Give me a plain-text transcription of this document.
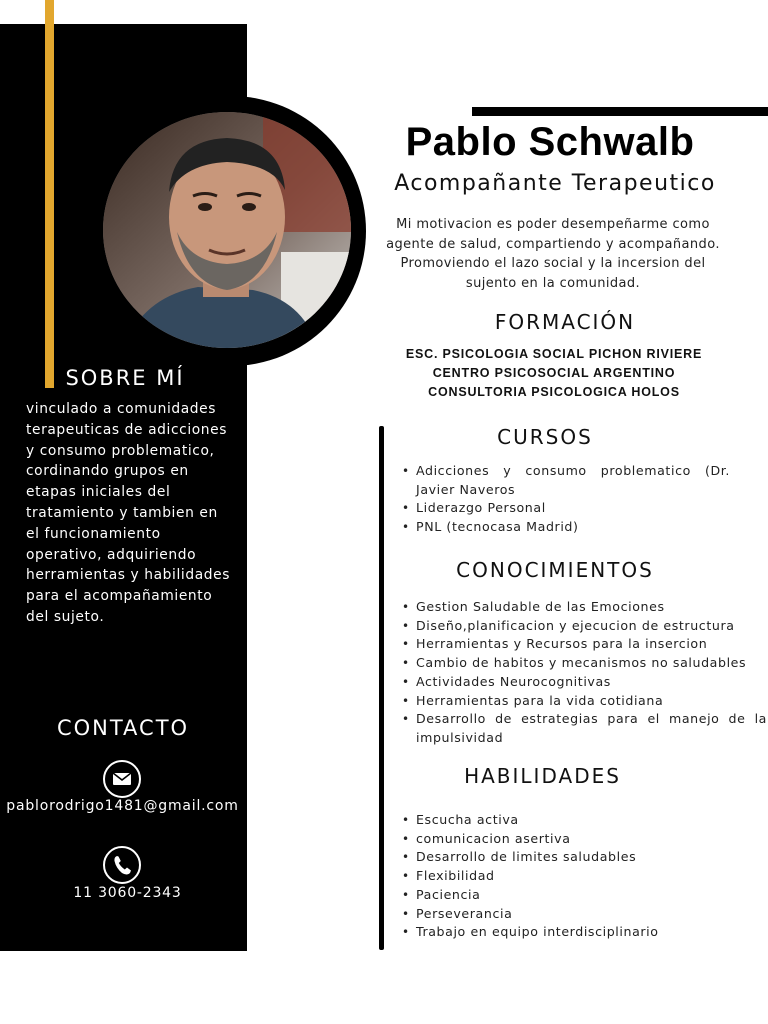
Pablo Schwalb
Acompañante Terapeutico
Mi motivacion es poder desempeñarme como agente de salud, compartiendo y acompañando. Promoviendo el lazo social y la incersion del sujento en la comunidad.
FORMACIÓN
ESC. PSICOLOGIA SOCIAL PICHON RIVIERE
CENTRO PSICOSOCIAL ARGENTINO
CONSULTORIA PSICOLOGICA HOLOS
CURSOS
• Adicciones y consumo problematico (Dr. Javier Naveros
• Liderazgo Personal
• PNL (tecnocasa Madrid)
CONOCIMIENTOS
• Gestion Saludable de las Emociones
• Diseño,planificacion y ejecucion de estructura
• Herramientas y Recursos para la insercion
• Cambio de habitos y mecanismos no saludables
• Actividades Neurocognitivas
• Herramientas para la vida cotidiana
• Desarrollo de estrategias para el manejo de la impulsividad
HABILIDADES
• Escucha activa
• comunicacion asertiva
• Desarrollo de limites saludables
• Flexibilidad
• Paciencia
• Perseverancia
• Trabajo en equipo interdisciplinario
SOBRE MÍ
vinculado a comunidades terapeuticas de adicciones y consumo problematico, cordinando grupos en etapas iniciales del tratamiento y tambien en el funcionamiento operativo, adquiriendo herramientas y habilidades para el acompañamiento del sujeto.
CONTACTO
pablorodrigo1481@gmail.com
11 3060-2343
